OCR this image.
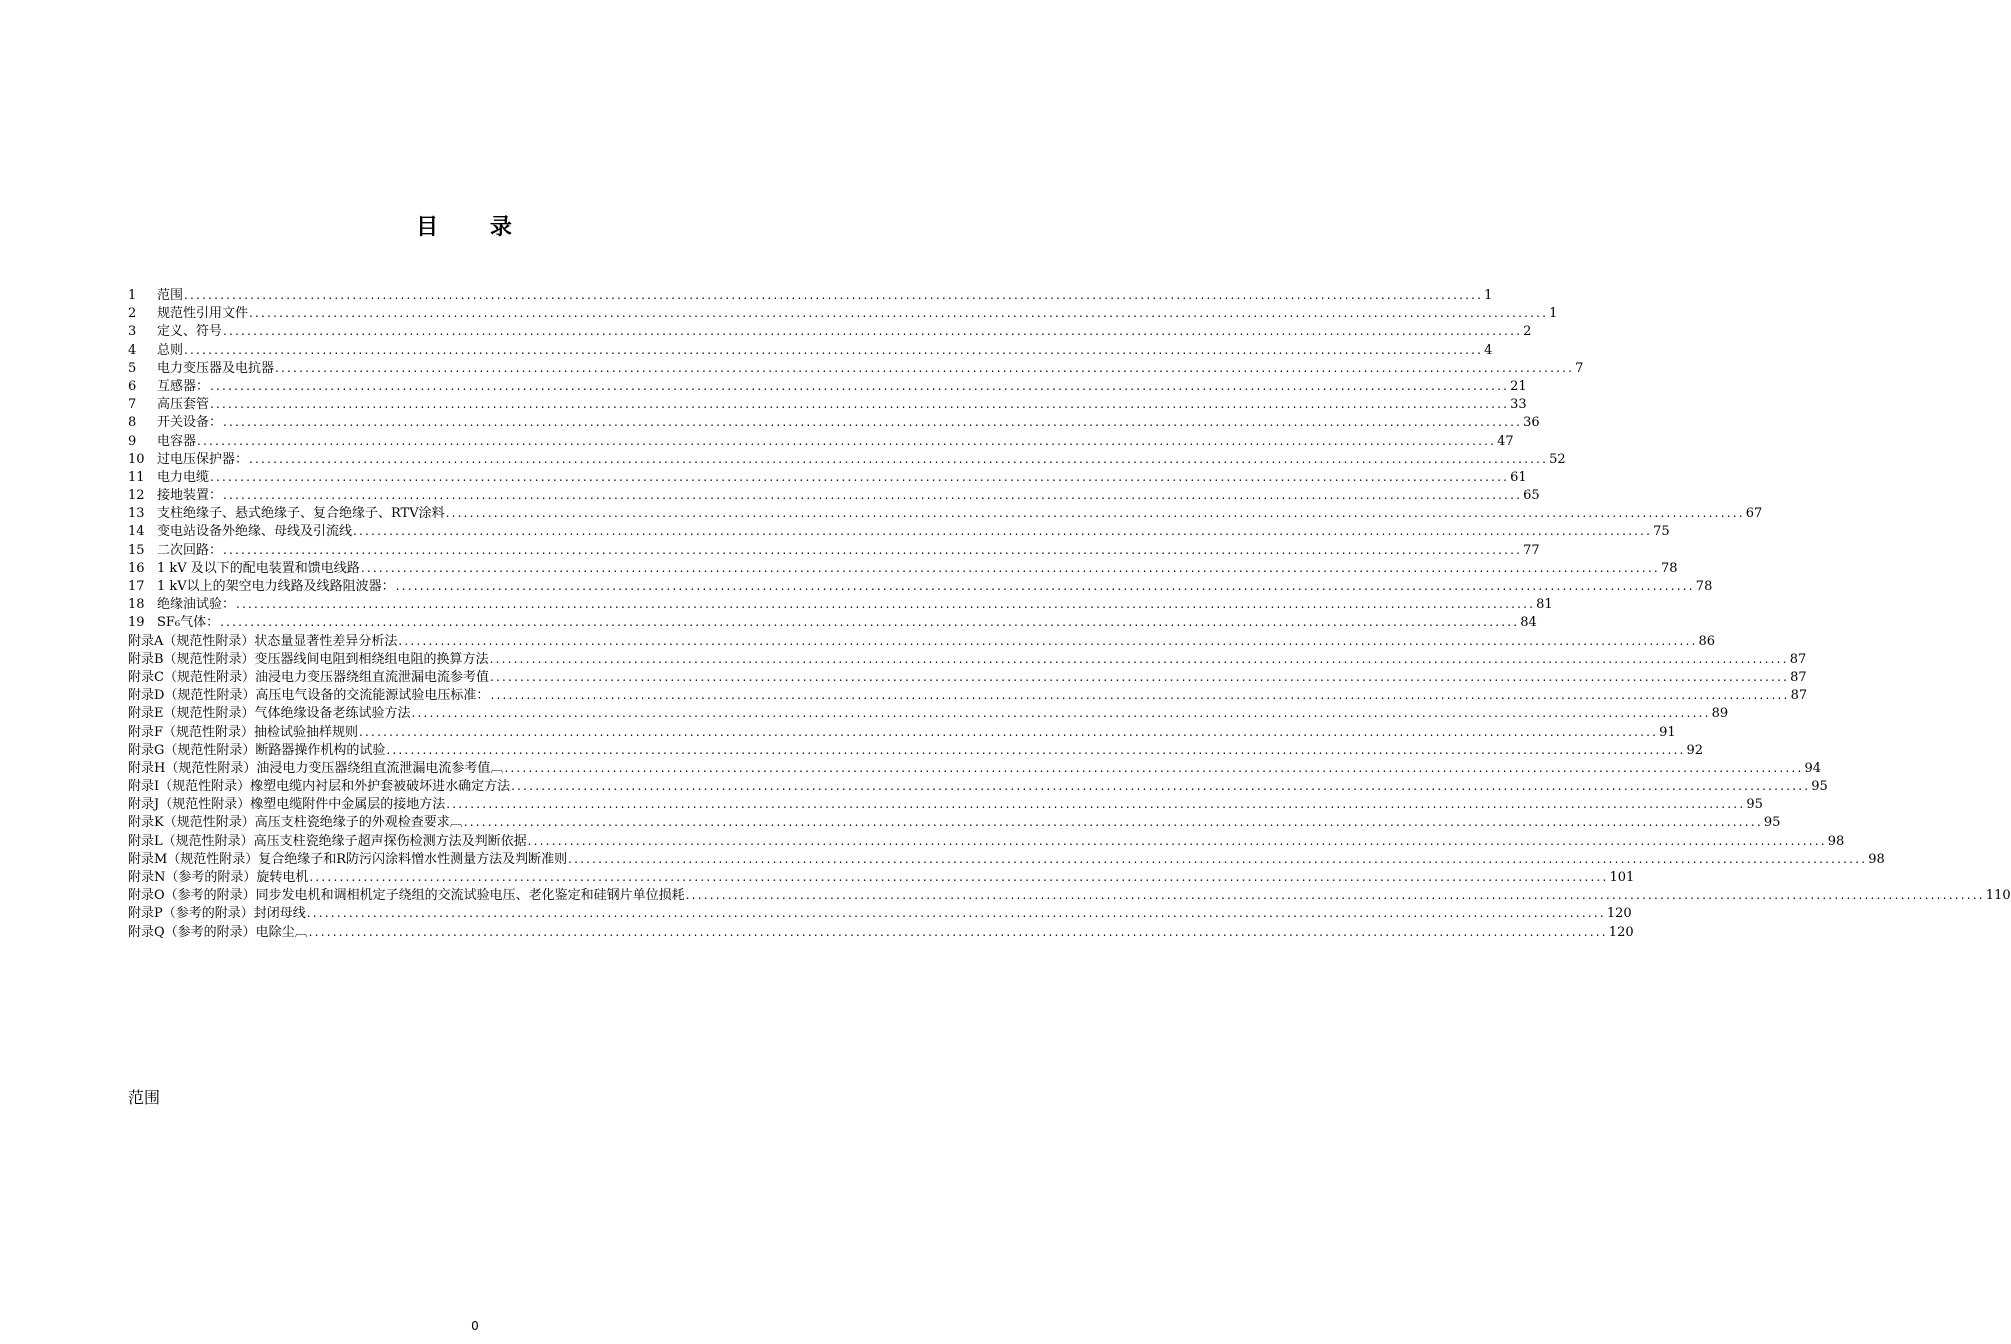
目 录
1	范围 .....	1
2	规范性引用文件 .....	1
3	定义、符号 .....	2
4	总则 .....	4
5	电力变压器及电抗器 .....	7
6	互感器： .....	21
7	高压套管 .....	33
8	开关设备： .....	36
9	电容器 .....	47
10 过电压保护器： .....	52
11 电力电缆 .....	61
12 接地装置： .....	65
13 支柱绝缘子、悬式绝缘子、复合绝缘子、RTV涂料 .....	67
14 变电站设备外绝缘、母线及引流线 .....	75
15 二次回路： .....	77
16 1 kV 及以下的配电装置和馈电线路 .....	78
17 1 kV以上的架空电力线路及线路阻波器： .....	78
18 绝缘油试验： .....	81
19 SF₆气体： .....	84
附录A（规范性附录）状态量显著性差异分析法 .....	86
附录B（规范性附录）变压器线间电阻到相绕组电阻的换算方法 .....	87
附录C（规范性附录）油浸电力变压器绕组直流泄漏电流参考值 .....	87
附录D（规范性附录）高压电气设备的交流能源试验电压标准： .....	87
附录E（规范性附录）气体绝缘设备老练试验方法 .....	89
附录F（规范性附录）抽检试验抽样规则 .....	91
附录G（规范性附录）断路器操作机构的试验 .....	92
附录H（规范性附录）油浸电力变压器绕组直流泄漏电流参考值︹ .....	94
附录I（规范性附录）橡塑电缆内衬层和外护套被破坏进水确定方法 .....	95
附录J（规范性附录）橡塑电缆附件中金属层的接地方法 .....	95
附录K（规范性附录）高压支柱瓷绝缘子的外观检查要求︹ .....	95
附录L（规范性附录）高压支柱瓷绝缘子超声探伤检测方法及判断依据 .....	98
附录M（规范性附录）复合绝缘子和R防污闪涂料憎水性测量方法及判断准则 .....	98
附录N（参考的附录）旋转电机 .....	101
附录O（参考的附录）同步发电机和调相机定子绕组的交流试验电压、老化鉴定和硅钢片单位损耗 .....	110
附录P（参考的附录）封闭母线 .....	120
附录Q（参考的附录）电除尘︹ .....	120
范围
0
